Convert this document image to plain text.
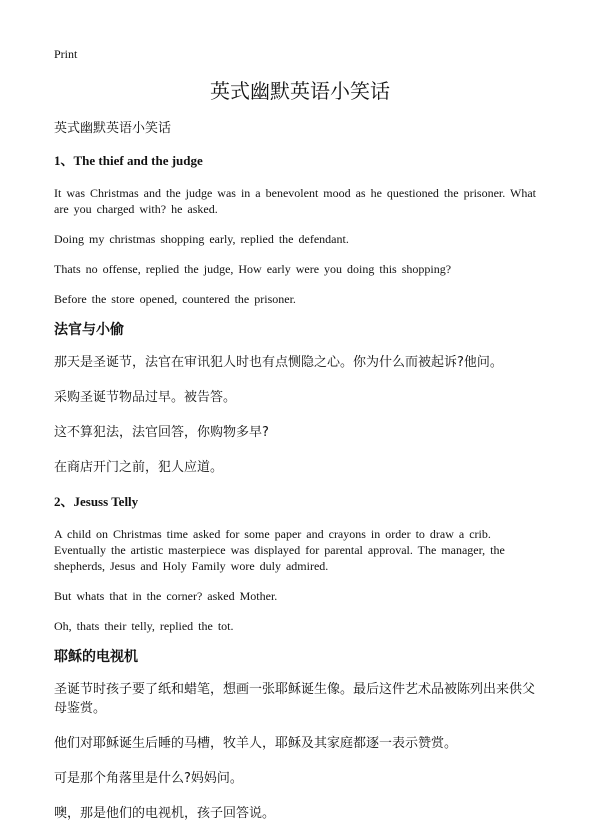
Print
英式幽默英语小笑话
英式幽默英语小笑话
1、The thief and the judge

It was Christmas and the judge was in a benevolent mood as he questioned the prisoner. What are you charged with? he asked.

Doing my christmas shopping early, replied the defendant.

Thats no offense, replied the judge, How early were you doing this shopping?

Before the store opened, countered the prisoner.

法官与小偷

那天是圣诞节，法官在审讯犯人时也有点恻隐之心。你为什么而被起诉?他问。

采购圣诞节物品过早。被告答。

这不算犯法，法官回答，你购物多早?

在商店开门之前，犯人应道。

2、Jesuss Telly

A child on Christmas time asked for some paper and crayons in order to draw a crib. Eventually the artistic masterpiece was displayed for parental approval. The manager, the shepherds, Jesus and Holy Family wore duly admired.

But whats that in the corner? asked Mother.

Oh, thats their telly, replied the tot.

耶稣的电视机

圣诞节时孩子要了纸和蜡笔，想画一张耶稣诞生像。最后这件艺术品被陈列出来供父母鉴赏。

他们对耶稣诞生后睡的马槽，牧羊人，耶稣及其家庭都逐一表示赞赏。

可是那个角落里是什么?妈妈问。

噢，那是他们的电视机，孩子回答说。
